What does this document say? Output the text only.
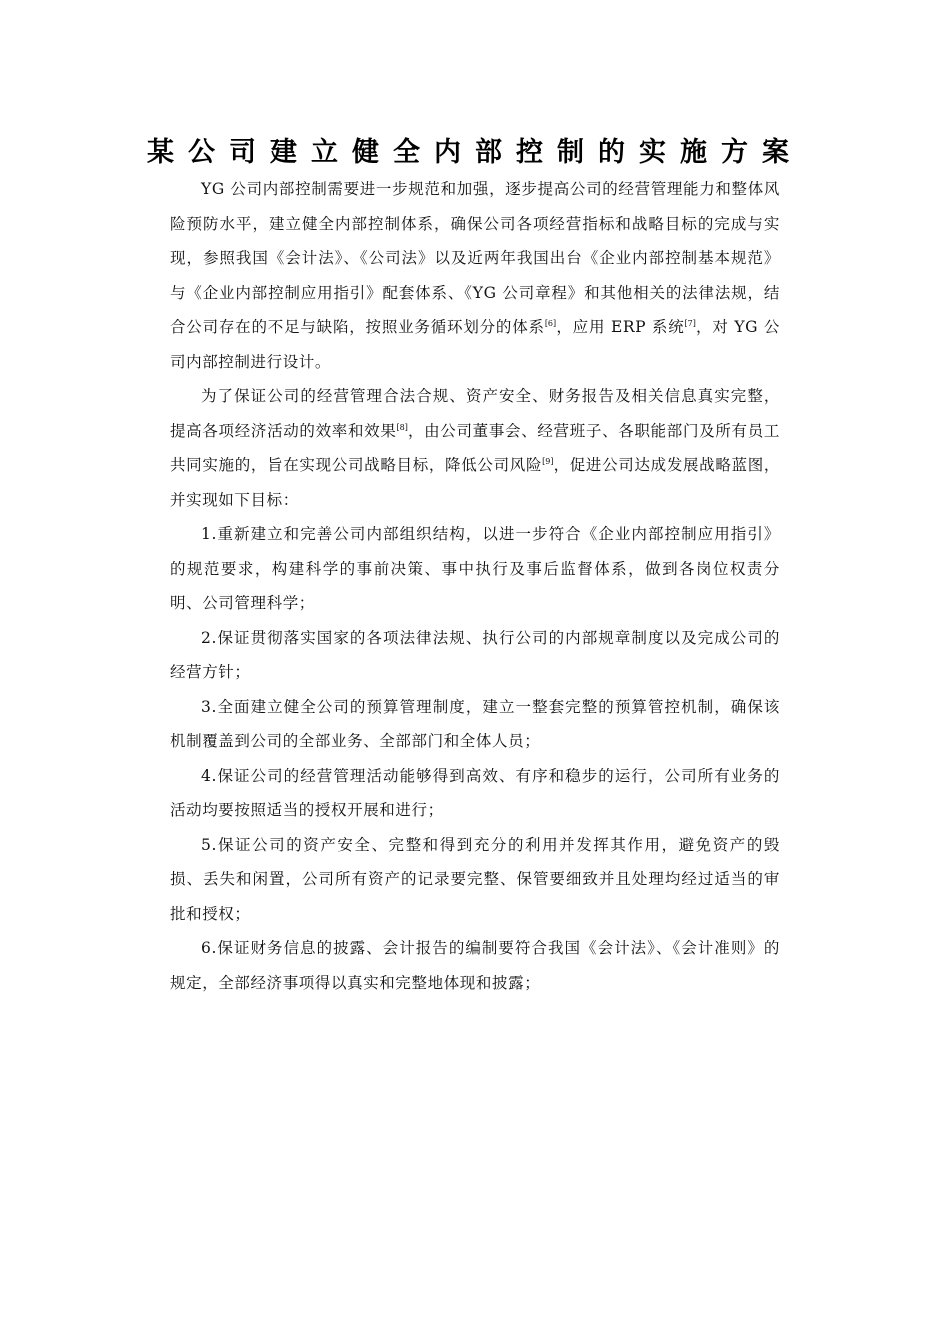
某公司建立健全内部控制的实施方案

YG 公司内部控制需要进一步规范和加强，逐步提高公司的经营管理能力和整体风险预防水平，建立健全内部控制体系，确保公司各项经营指标和战略目标的完成与实现，参照我国《会计法》、《公司法》以及近两年我国出台《企业内部控制基本规范》与《企业内部控制应用指引》配套体系、《YG 公司章程》和其他相关的法律法规，结合公司存在的不足与缺陷，按照业务循环划分的体系[6]，应用 ERP 系统[7]，对 YG 公司内部控制进行设计。

为了保证公司的经营管理合法合规、资产安全、财务报告及相关信息真实完整，提高各项经济活动的效率和效果[8]，由公司董事会、经营班子、各职能部门及所有员工共同实施的，旨在实现公司战略目标，降低公司风险[9]，促进公司达成发展战略蓝图，并实现如下目标：

1.重新建立和完善公司内部组织结构，以进一步符合《企业内部控制应用指引》的规范要求，构建科学的事前决策、事中执行及事后监督体系，做到各岗位权责分明、公司管理科学；

2.保证贯彻落实国家的各项法律法规、执行公司的内部规章制度以及完成公司的经营方针；

3.全面建立健全公司的预算管理制度，建立一整套完整的预算管控机制，确保该机制覆盖到公司的全部业务、全部部门和全体人员；

4.保证公司的经营管理活动能够得到高效、有序和稳步的运行，公司所有业务的活动均要按照适当的授权开展和进行；

5.保证公司的资产安全、完整和得到充分的利用并发挥其作用，避免资产的毁损、丢失和闲置，公司所有资产的记录要完整、保管要细致并且处理均经过适当的审批和授权；

6.保证财务信息的披露、会计报告的编制要符合我国《会计法》、《会计准则》的规定，全部经济事项得以真实和完整地体现和披露；
